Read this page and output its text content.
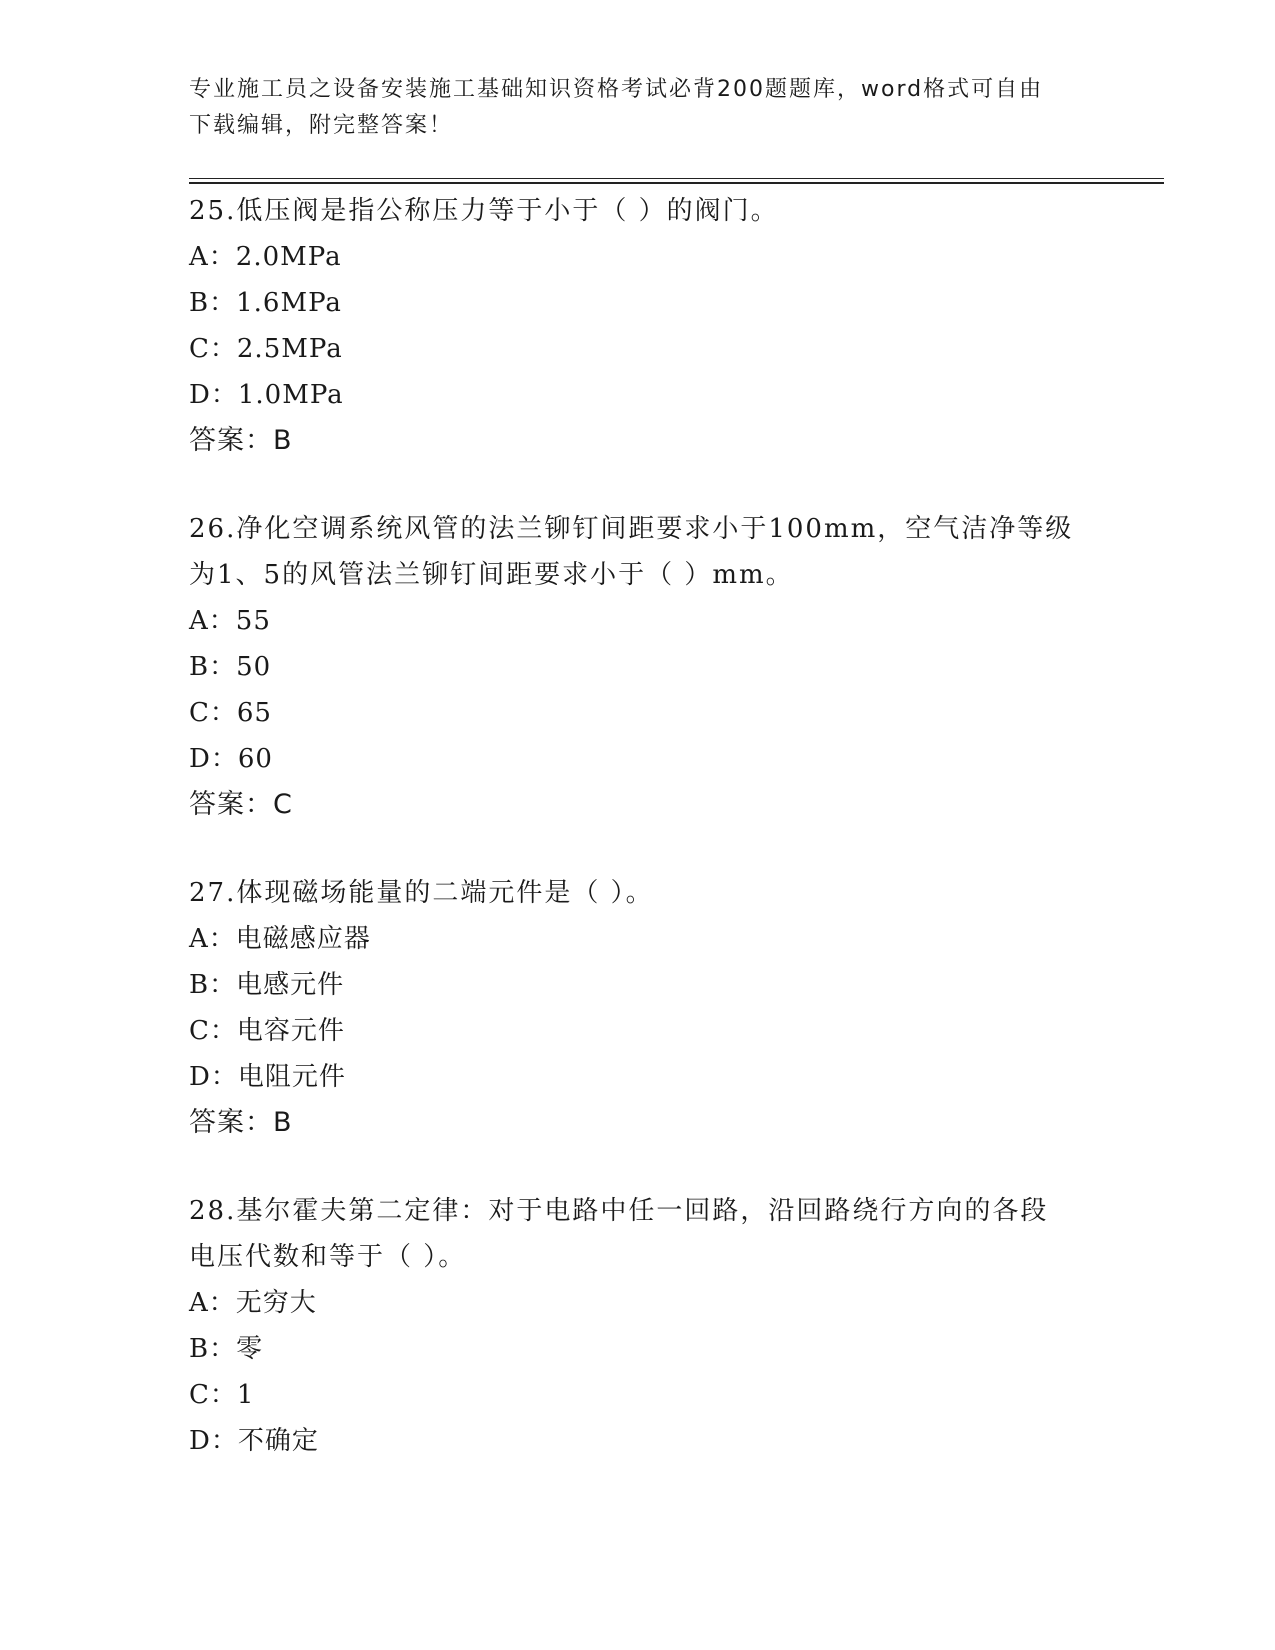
专业施工员之设备安装施工基础知识资格考试必背200题题库，word格式可自由
下载编辑，附完整答案！

25.低压阀是指公称压力等于小于（ ）的阀门。

A：2.0MPa

B：1.6MPa

C：2.5MPa

D：1.0MPa

答案：B

26.净化空调系统风管的法兰铆钉间距要求小于100mm，空气洁净等级

为1、5的风管法兰铆钉间距要求小于（ ）mm。

A：55

B：50

C：65

D：60

答案：C

27.体现磁场能量的二端元件是（ ）。

A：电磁感应器

B：电感元件

C：电容元件

D：电阻元件

答案：B

28.基尔霍夫第二定律：对于电路中任一回路，沿回路绕行方向的各段

电压代数和等于（ ）。

A：无穷大

B：零

C：1

D：不确定
